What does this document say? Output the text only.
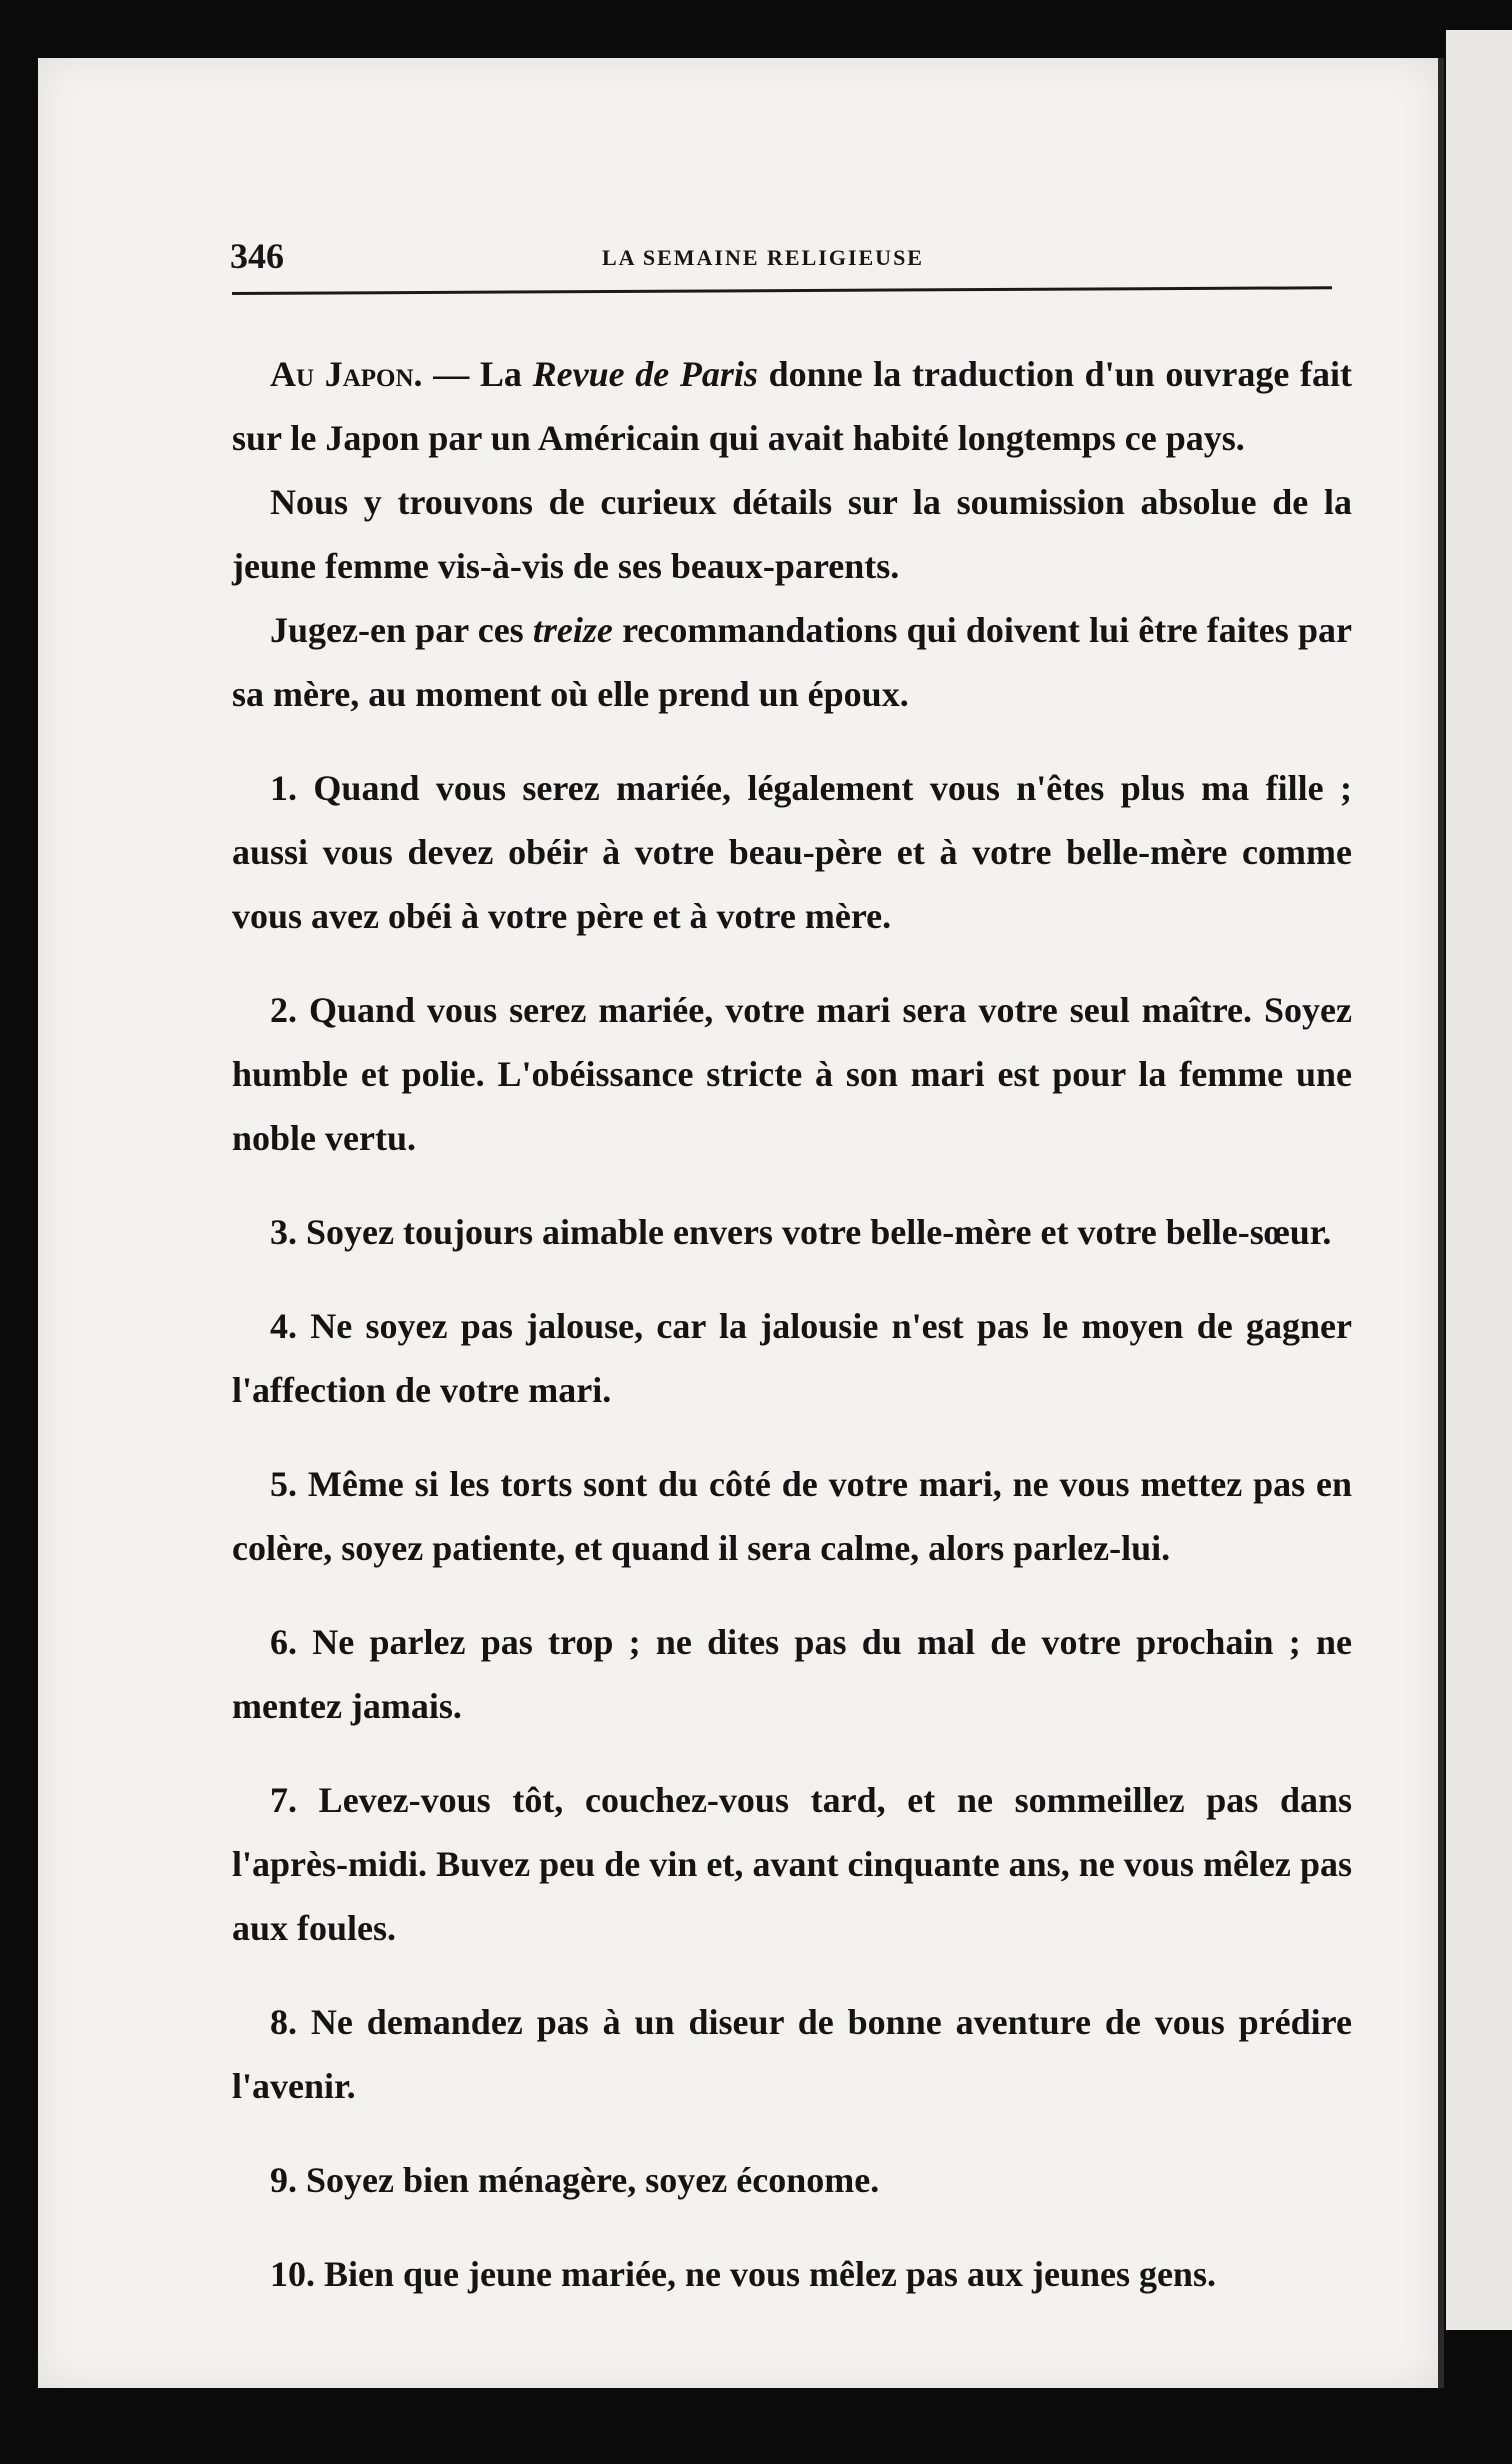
346	LA SEMAINE RELIGIEUSE

Au Japon. — La Revue de Paris donne la traduction d'un ouvrage fait sur le Japon par un Américain qui avait habité longtemps ce pays.

Nous y trouvons de curieux détails sur la soumission absolue de la jeune femme vis-à-vis de ses beaux-parents.

Jugez-en par ces treize recommandations qui doivent lui être faites par sa mère, au moment où elle prend un époux.

1. Quand vous serez mariée, légalement vous n'êtes plus ma fille ; aussi vous devez obéir à votre beau-père et à votre belle-mère comme vous avez obéi à votre père et à votre mère.

2. Quand vous serez mariée, votre mari sera votre seul maître. Soyez humble et polie. L'obéissance stricte à son mari est pour la femme une noble vertu.

3. Soyez toujours aimable envers votre belle-mère et votre belle-sœur.

4. Ne soyez pas jalouse, car la jalousie n'est pas le moyen de gagner l'affection de votre mari.

5. Même si les torts sont du côté de votre mari, ne vous mettez pas en colère, soyez patiente, et quand il sera calme, alors parlez-lui.

6. Ne parlez pas trop ; ne dites pas du mal de votre prochain ; ne mentez jamais.

7. Levez-vous tôt, couchez-vous tard, et ne sommeillez pas dans l'après-midi. Buvez peu de vin et, avant cinquante ans, ne vous mêlez pas aux foules.

8. Ne demandez pas à un diseur de bonne aventure de vous prédire l'avenir.

9. Soyez bien ménagère, soyez économe.

10. Bien que jeune mariée, ne vous mêlez pas aux jeunes gens.
